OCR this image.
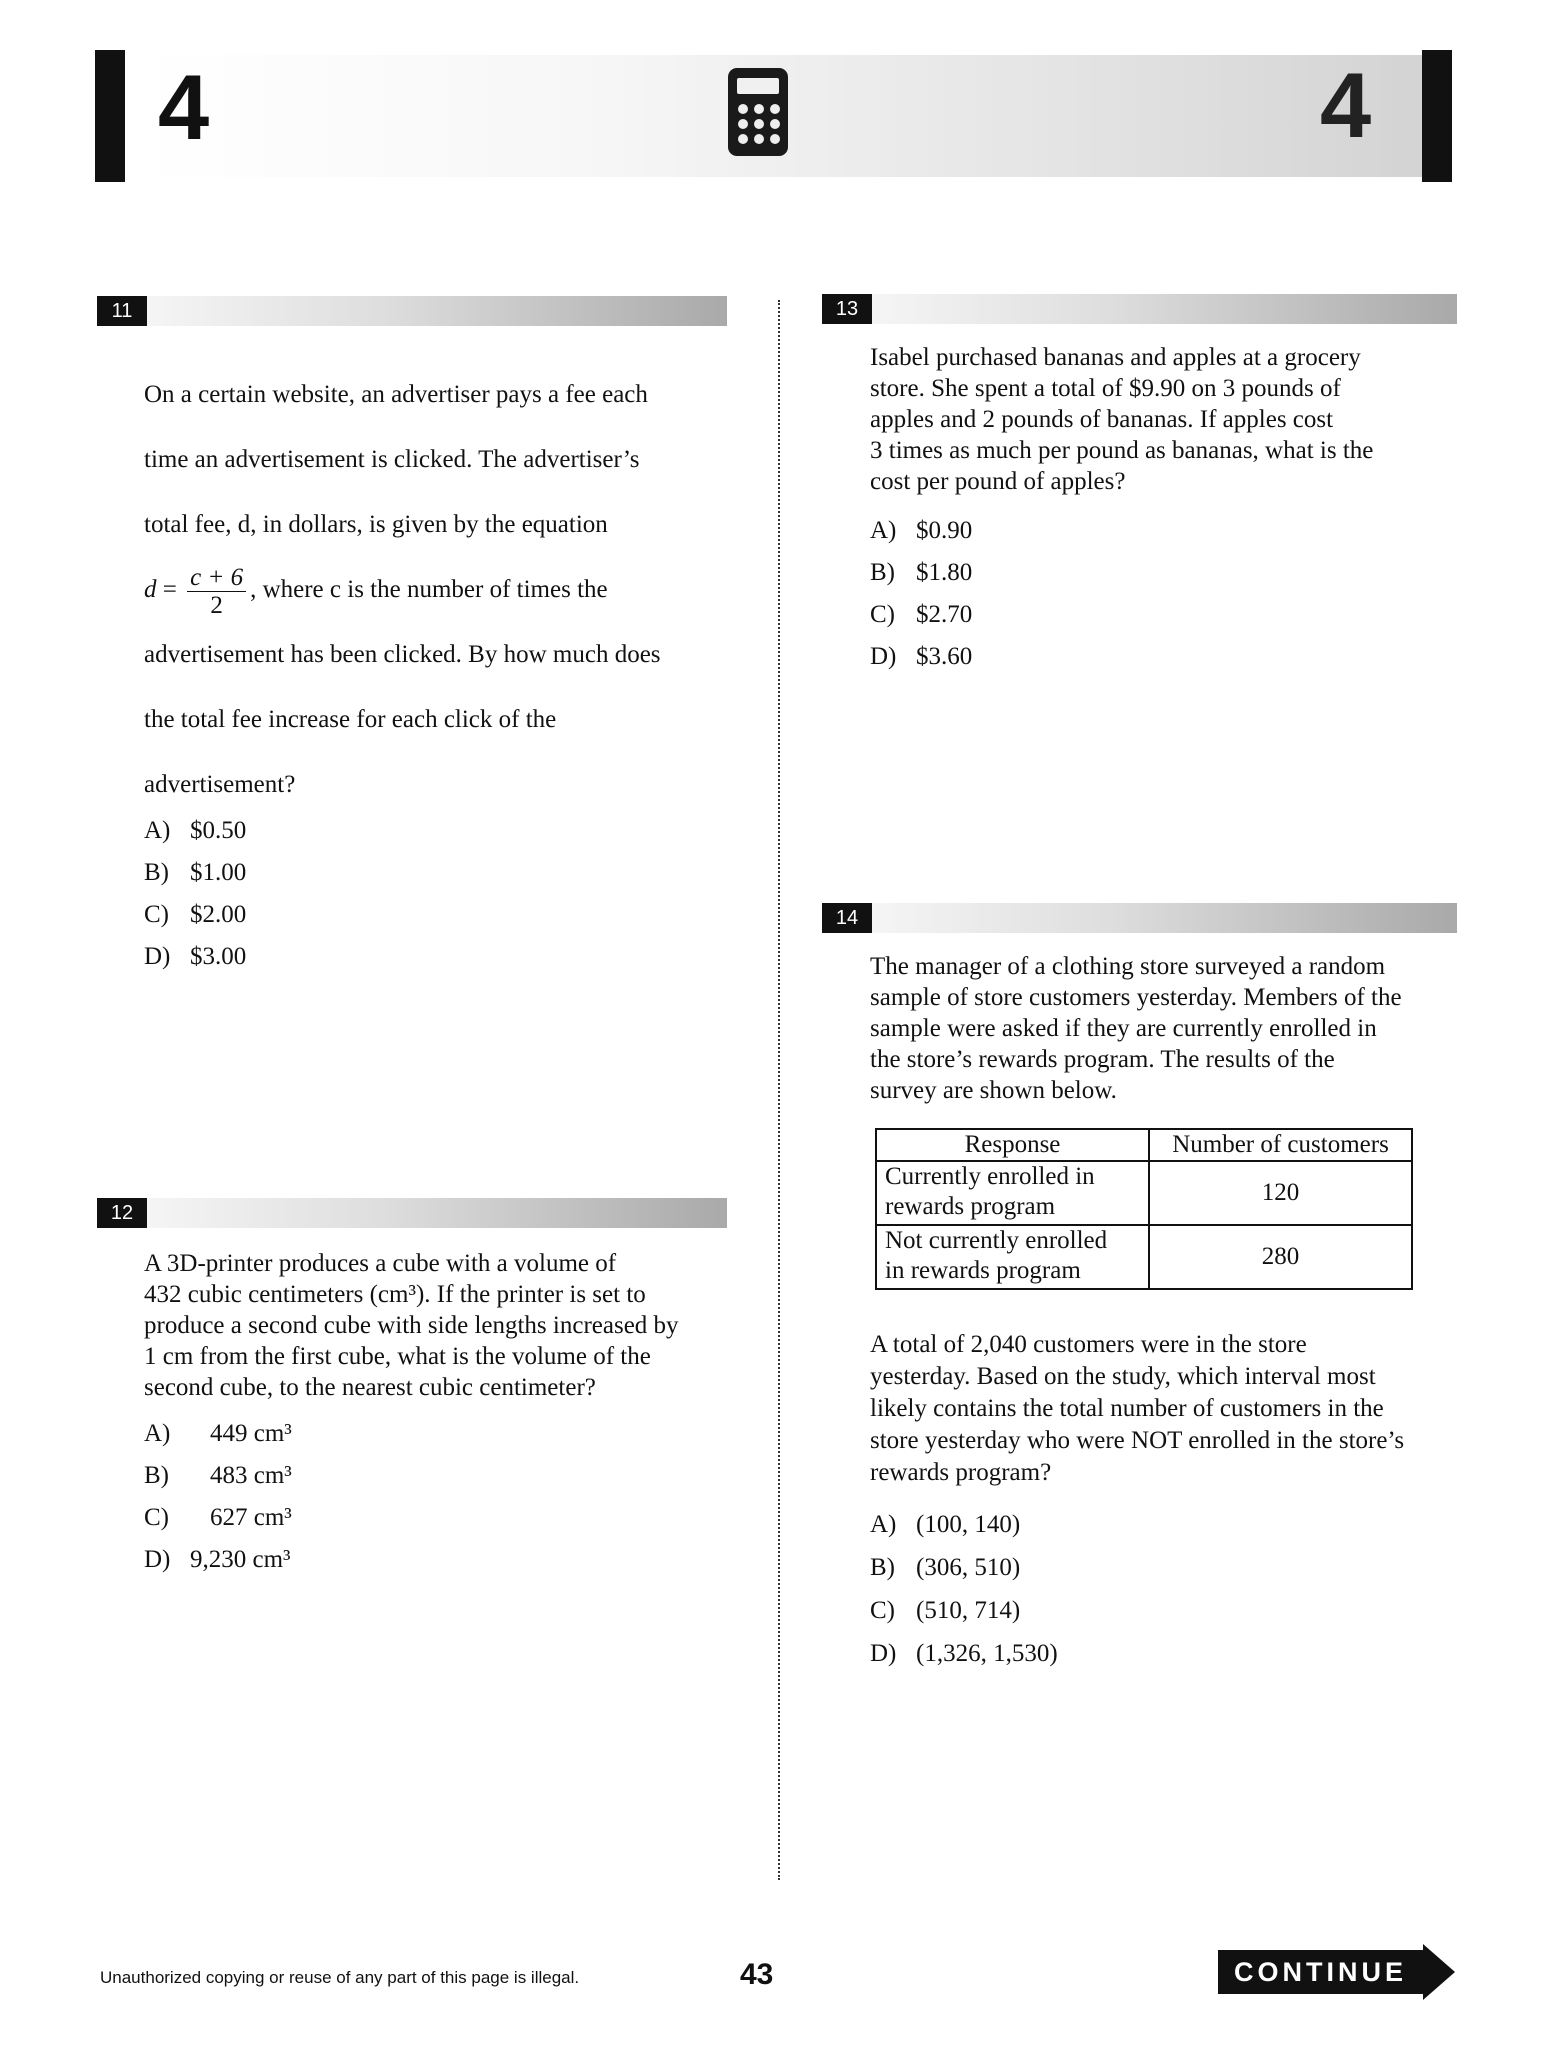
4	4
11

On a certain website, an advertiser pays a fee each

time an advertisement is clicked. The advertiser’s

total fee, d, in dollars, is given by the equation

$d = \frac{c + 6}{2}$ , where c is the number of times the

advertisement has been clicked. By how much does

the total fee increase for each click of the

advertisement?

A) $0.50
B) $1.00
C) $2.00
D) $3.00
12
A 3D-printer produces a cube with a volume of
432 cubic centimeters (cm³). If the printer is set to
produce a second cube with side lengths increased by
1 cm from the first cube, what is the volume of the
second cube, to the nearest cubic centimeter?
A) 449 cm³
B) 483 cm³
C) 627 cm³
D) 9,230 cm³
13
Isabel purchased bananas and apples at a grocery
store. She spent a total of $9.90 on 3 pounds of
apples and 2 pounds of bananas. If apples cost
3 times as much per pound as bananas, what is the
cost per pound of apples?
A) $0.90
B) $1.80
C) $2.70
D) $3.60
14
The manager of a clothing store surveyed a random
sample of store customers yesterday. Members of the
sample were asked if they are currently enrolled in
the store’s rewards program. The results of the
survey are shown below.
Response	Number of customers

Currently enrolled in
rewards program	120

Not currently enrolled
in rewards program	280
A total of 2,040 customers were in the store
yesterday. Based on the study, which interval most
likely contains the total number of customers in the
store yesterday who were NOT enrolled in the store’s
rewards program?
A) (100, 140)
B) (306, 510)
C) (510, 714)
D) (1,326, 1,530)
Unauthorized copying or reuse of any part of this page is illegal.	43	CONTINUE
